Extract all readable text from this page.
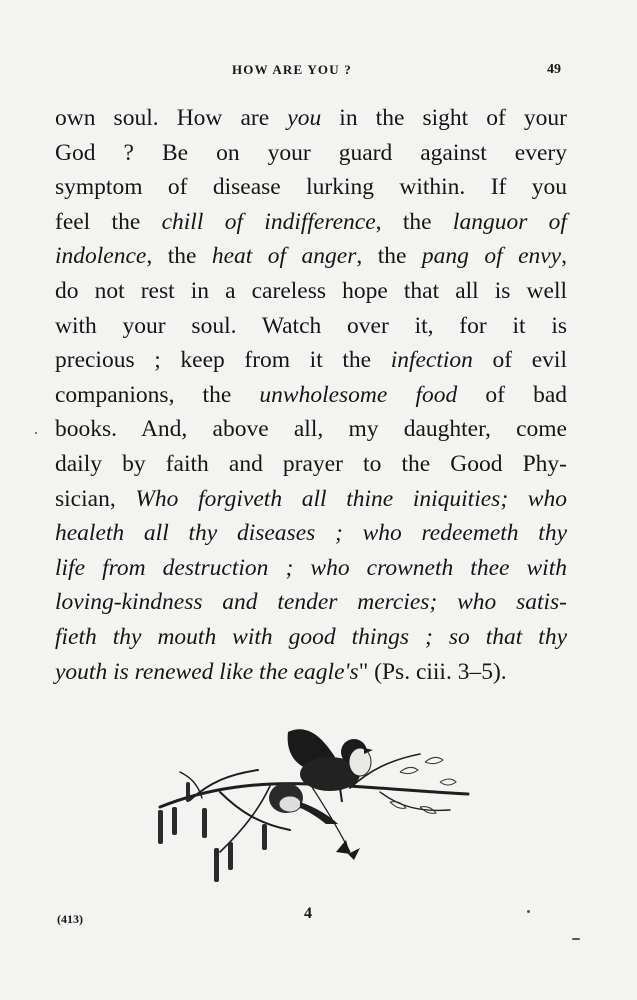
HOW ARE YOU ?	49
own soul. How are you in the sight of your
God ? Be on your guard against every
symptom of disease lurking within. If you
feel the chill of indifference, the languor of
indolence, the heat of anger, the pang of envy,
do not rest in a careless hope that all is well
with your soul. Watch over it, for it is
precious ; keep from it the infection of evil
companions, the unwholesome food of bad
books. And, above all, my daughter, come
daily by faith and prayer to the Good Phy-
sician, Who forgiveth all thine iniquities; who
healeth all thy diseases ; who redeemeth thy
life from destruction ; who crowneth thee with
loving-kindness and tender mercies; who satis-
fieth thy mouth with good things ; so that thy
youth is renewed like the eagle's" (Ps. ciii. 3–5).
(413)	4
